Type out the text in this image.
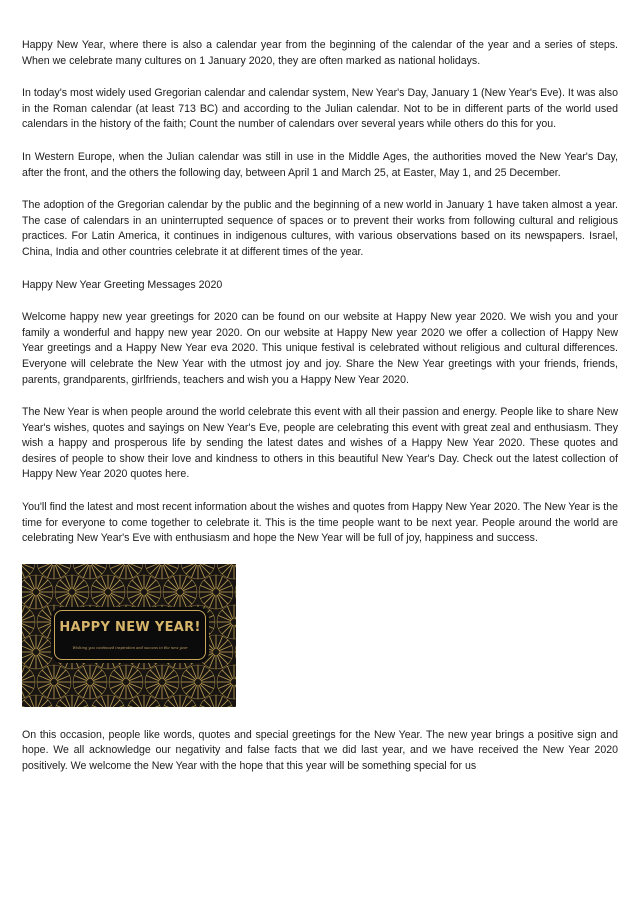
Happy New Year, where there is also a calendar year from the beginning of the calendar of the year and a series of steps. When we celebrate many cultures on 1 January 2020, they are often marked as national holidays.

In today's most widely used Gregorian calendar and calendar system, New Year's Day, January 1 (New Year's Eve). It was also in the Roman calendar (at least 713 BC) and according to the Julian calendar. Not to be in different parts of the world used calendars in the history of the faith; Count the number of calendars over several years while others do this for you.

In Western Europe, when the Julian calendar was still in use in the Middle Ages, the authorities moved the New Year's Day, after the front, and the others the following day, between April 1 and March 25, at Easter, May 1, and 25 December.

The adoption of the Gregorian calendar by the public and the beginning of a new world in January 1 have taken almost a year. The case of calendars in an uninterrupted sequence of spaces or to prevent their works from following cultural and religious practices. For Latin America, it continues in indigenous cultures, with various observations based on its newspapers. Israel, China, India and other countries celebrate it at different times of the year.

Happy New Year Greeting Messages 2020

Welcome happy new year greetings for 2020 can be found on our website at Happy New year 2020. We wish you and your family a wonderful and happy new year 2020. On our website at Happy New year 2020 we offer a collection of Happy New Year greetings and a Happy New Year eva 2020. This unique festival is celebrated without religious and cultural differences. Everyone will celebrate the New Year with the utmost joy and joy. Share the New Year greetings with your friends, friends, parents, grandparents, girlfriends, teachers and wish you a Happy New Year 2020.

The New Year is when people around the world celebrate this event with all their passion and energy. People like to share New Year's wishes, quotes and sayings on New Year's Eve, people are celebrating this event with great zeal and enthusiasm. They wish a happy and prosperous life by sending the latest dates and wishes of a Happy New Year 2020. These quotes and desires of people to show their love and kindness to others in this beautiful New Year's Day. Check out the latest collection of Happy New Year 2020 quotes here.

You'll find the latest and most recent information about the wishes and quotes from Happy New Year 2020. The New Year is the time for everyone to come together to celebrate it. This is the time people want to be next year. People around the world are celebrating New Year's Eve with enthusiasm and hope the New Year will be full of joy, happiness and success.

HAPPY NEW YEAR!
Wishing you continued inspiration and success in the new year

On this occasion, people like words, quotes and special greetings for the New Year. The new year brings a positive sign and hope. We all acknowledge our negativity and false facts that we did last year, and we have received the New Year 2020 positively. We welcome the New Year with the hope that this year will be something special for us
